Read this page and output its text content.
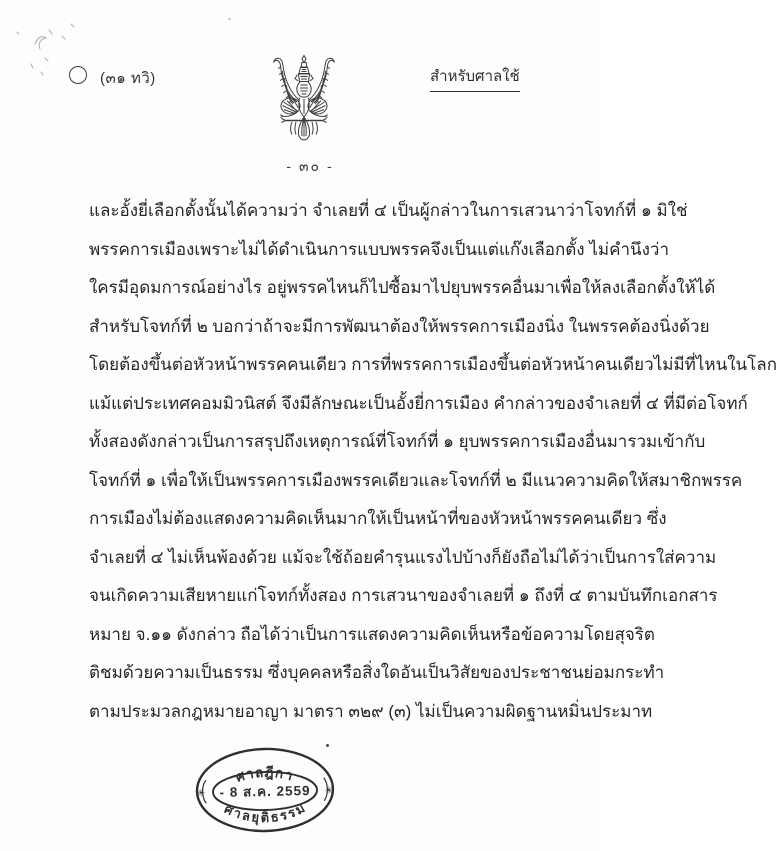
(๓๑ ทวิ)	สำหรับศาลใช้
- ๓๐ -
และอั้งยี่เลือกตั้งนั้นได้ความว่า จำเลยที่ ๔ เป็นผู้กล่าวในการเสวนาว่าโจทก์ที่ ๑ มิใช่
พรรคการเมืองเพราะไม่ได้ดำเนินการแบบพรรคจึงเป็นแต่แก๊งเลือกตั้ง ไม่คำนึงว่า
ใครมีอุดมการณ์อย่างไร อยู่พรรคไหนก็ไปซื้อมาไปยุบพรรคอื่นมาเพื่อให้ลงเลือกตั้งให้ได้
สำหรับโจทก์ที่ ๒ บอกว่าถ้าจะมีการพัฒนาต้องให้พรรคการเมืองนิ่ง ในพรรคต้องนิ่งด้วย
โดยต้องขึ้นต่อหัวหน้าพรรคคนเดียว การที่พรรคการเมืองขึ้นต่อหัวหน้าคนเดียวไม่มีที่ไหนในโลก
แม้แต่ประเทศคอมมิวนิสต์ จึงมีลักษณะเป็นอั้งยี่การเมือง คำกล่าวของจำเลยที่ ๔ ที่มีต่อโจทก์
ทั้งสองดังกล่าวเป็นการสรุปถึงเหตุการณ์ที่โจทก์ที่ ๑ ยุบพรรคการเมืองอื่นมารวมเข้ากับ
โจทก์ที่ ๑ เพื่อให้เป็นพรรคการเมืองพรรคเดียวและโจทก์ที่ ๒ มีแนวความคิดให้สมาชิกพรรค
การเมืองไม่ต้องแสดงความคิดเห็นมากให้เป็นหน้าที่ของหัวหน้าพรรคคนเดียว ซึ่ง
จำเลยที่ ๔ ไม่เห็นพ้องด้วย แม้จะใช้ถ้อยคำรุนแรงไปบ้างก็ยังถือไม่ได้ว่าเป็นการใส่ความ
จนเกิดความเสียหายแก่โจทก์ทั้งสอง การเสวนาของจำเลยที่ ๑ ถึงที่ ๔ ตามบันทึกเอกสาร
หมาย จ.๑๑ ดังกล่าว ถือได้ว่าเป็นการแสดงความคิดเห็นหรือข้อความโดยสุจริต
ติชมด้วยความเป็นธรรม ซึ่งบุคคลหรือสิ่งใดอันเป็นวิสัยของประชาชนย่อมกระทำ
ตามประมวลกฎหมายอาญา มาตรา ๓๒๙ (๓) ไม่เป็นความผิดฐานหมิ่นประมาท
✳	✳
ศาลฎีกา
- 8 ส.ค. 2559
ศาลยุติธรรม
